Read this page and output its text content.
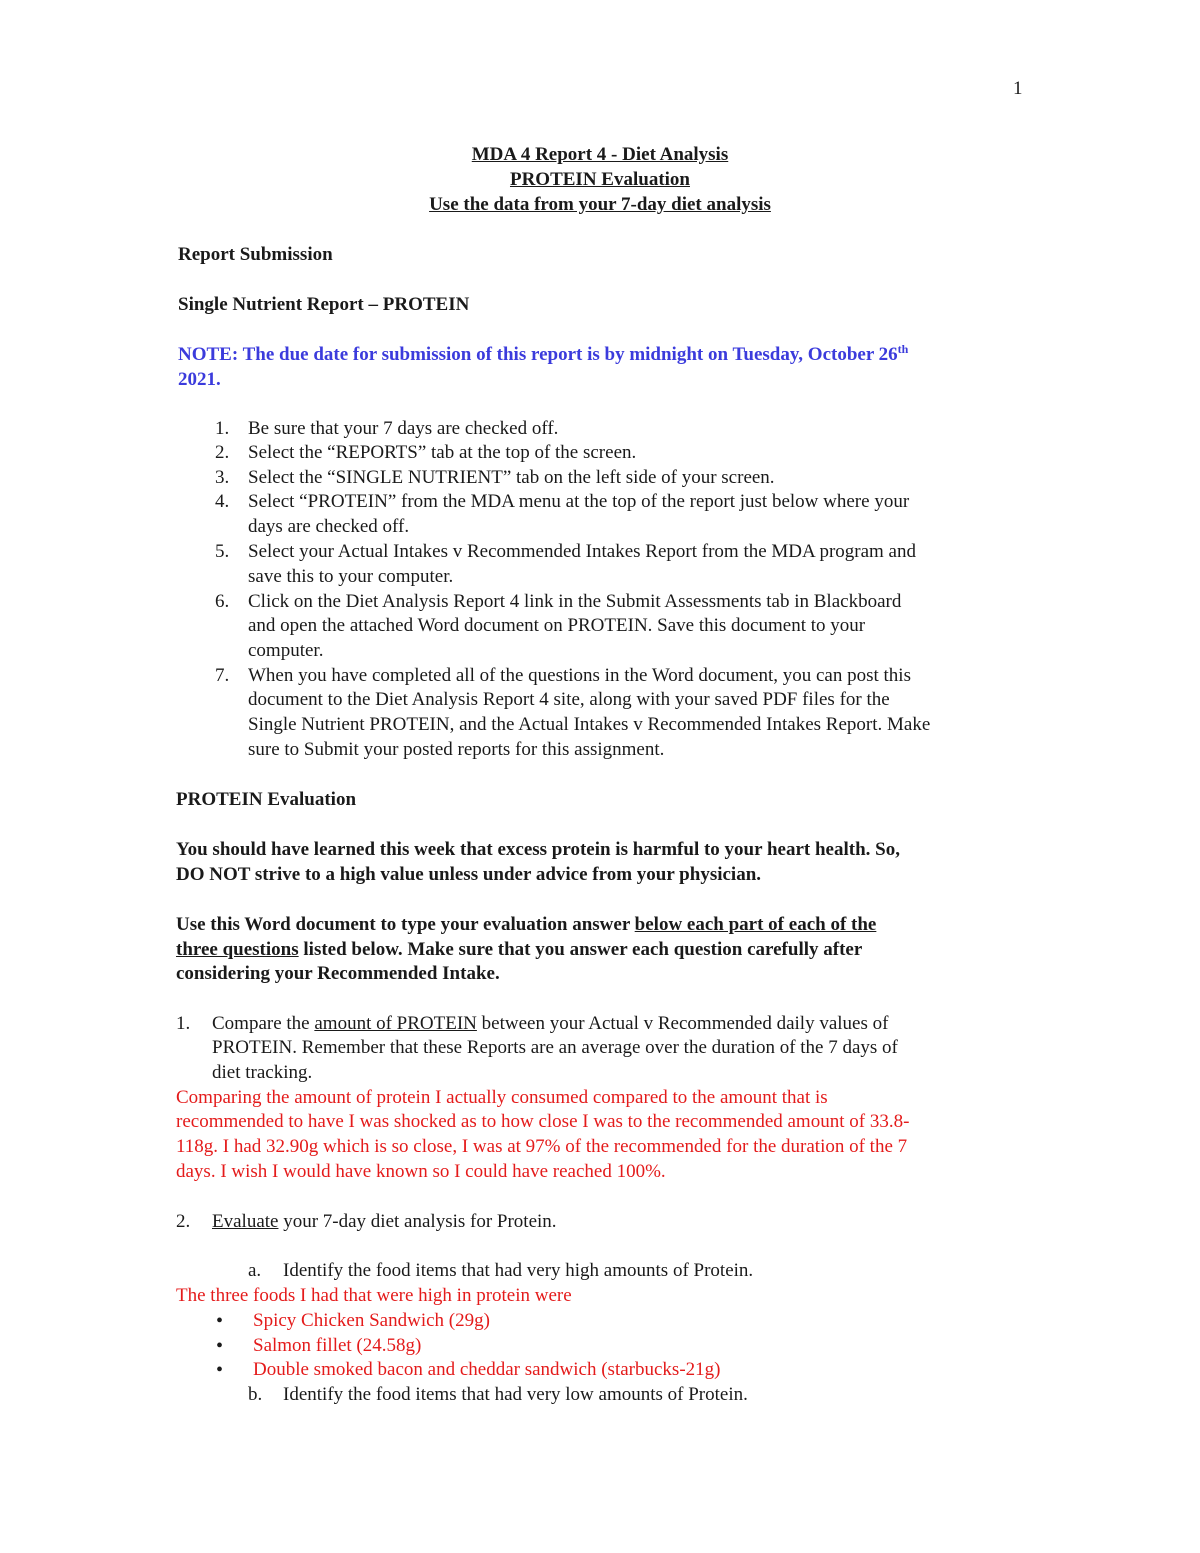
1
MDA 4 Report 4 - Diet Analysis
PROTEIN Evaluation
Use the data from your 7-day diet analysis
Report Submission
Single Nutrient Report – PROTEIN
NOTE: The due date for submission of this report is by midnight on Tuesday, October 26th
2021.
1. Be sure that your 7 days are checked off.
2. Select the “REPORTS” tab at the top of the screen.
3. Select the “SINGLE NUTRIENT” tab on the left side of your screen.
4. Select “PROTEIN” from the MDA menu at the top of the report just below where your
days are checked off.
5. Select your Actual Intakes v Recommended Intakes Report from the MDA program and
save this to your computer.
6. Click on the Diet Analysis Report 4 link in the Submit Assessments tab in Blackboard
and open the attached Word document on PROTEIN. Save this document to your
computer.
7. When you have completed all of the questions in the Word document, you can post this
document to the Diet Analysis Report 4 site, along with your saved PDF files for the
Single Nutrient PROTEIN, and the Actual Intakes v Recommended Intakes Report. Make
sure to Submit your posted reports for this assignment.
PROTEIN Evaluation
You should have learned this week that excess protein is harmful to your heart health. So,
DO NOT strive to a high value unless under advice from your physician.
Use this Word document to type your evaluation answer below each part of each of the
three questions listed below. Make sure that you answer each question carefully after
considering your Recommended Intake.
1. Compare the amount of PROTEIN between your Actual v Recommended daily values of
PROTEIN. Remember that these Reports are an average over the duration of the 7 days of
diet tracking.
Comparing the amount of protein I actually consumed compared to the amount that is
recommended to have I was shocked as to how close I was to the recommended amount of 33.8-
118g. I had 32.90g which is so close, I was at 97% of the recommended for the duration of the 7
days. I wish I would have known so I could have reached 100%.
2. Evaluate your 7-day diet analysis for Protein.
a. Identify the food items that had very high amounts of Protein.
The three foods I had that were high in protein were
• Spicy Chicken Sandwich (29g)
• Salmon fillet (24.58g)
• Double smoked bacon and cheddar sandwich (starbucks-21g)
b. Identify the food items that had very low amounts of Protein.
